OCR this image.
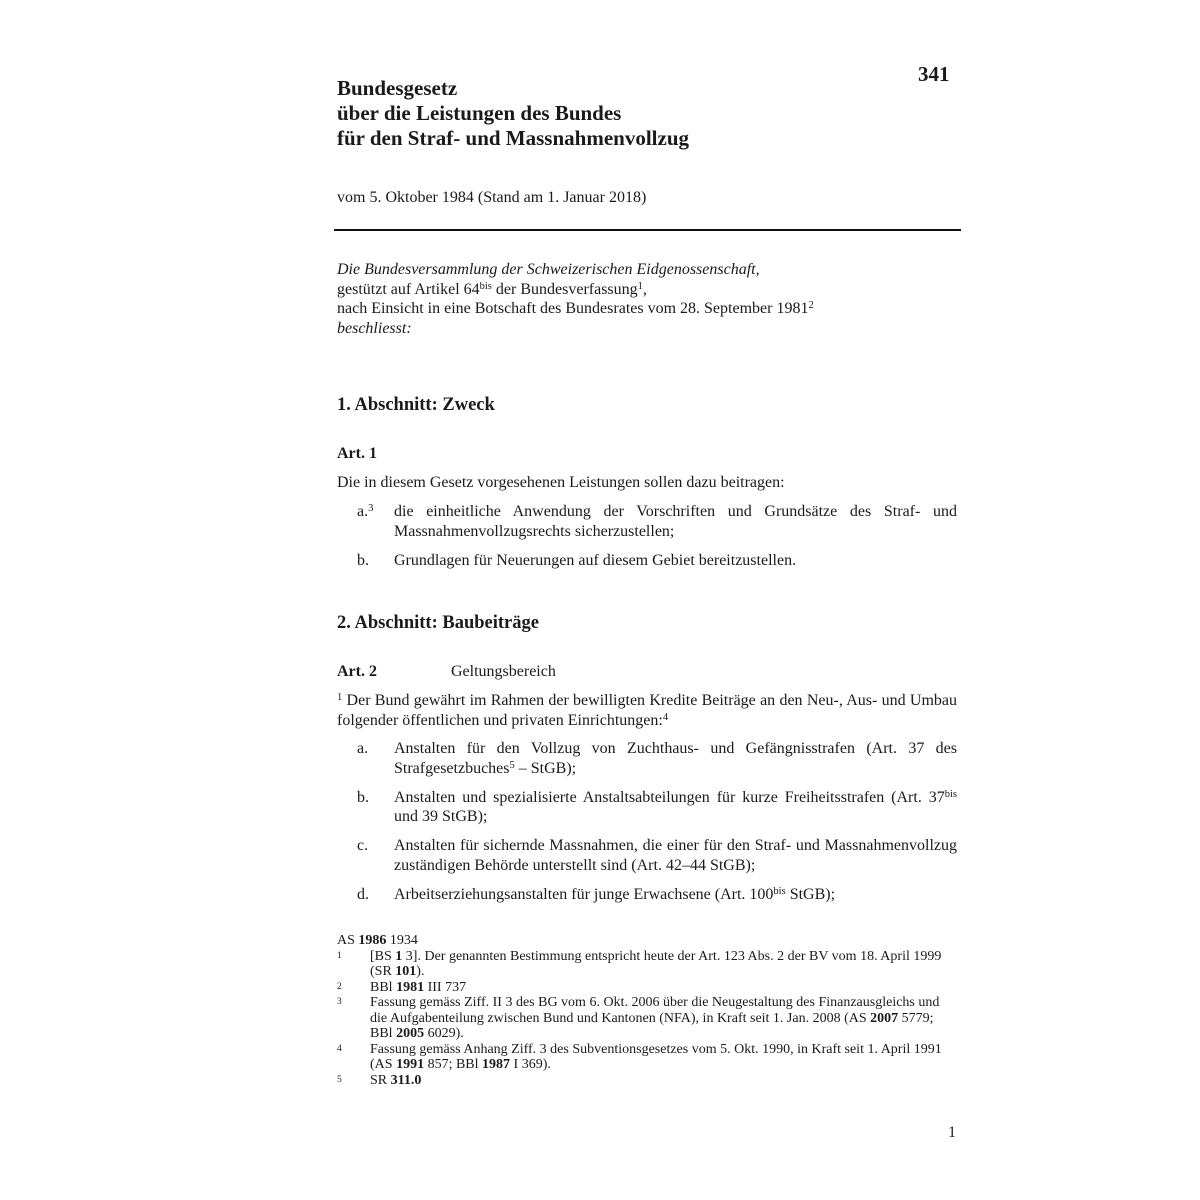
341
Bundesgesetz
über die Leistungen des Bundes
für den Straf- und Massnahmenvollzug
vom 5. Oktober 1984 (Stand am 1. Januar 2018)
Die Bundesversammlung der Schweizerischen Eidgenossenschaft,
gestützt auf Artikel $64^{bis}$ der Bundesverfassung$^1$,
nach Einsicht in eine Botschaft des Bundesrates vom 28. September 1981$^2$
beschliesst:
1. Abschnitt: Zweck
Art. 1
Die in diesem Gesetz vorgesehenen Leistungen sollen dazu beitragen:
a.$^3$	die einheitliche Anwendung der Vorschriften und Grundsätze des Straf- und Massnahmenvollzugsrechts sicherzustellen;
b.	Grundlagen für Neuerungen auf diesem Gebiet bereitzustellen.
2. Abschnitt: Baubeiträge
Art. 2	Geltungsbereich
$^1$ Der Bund gewährt im Rahmen der bewilligten Kredite Beiträge an den Neu-, Aus- und Umbau folgender öffentlichen und privaten Einrichtungen:$^4$
a.	Anstalten für den Vollzug von Zuchthaus- und Gefängnisstrafen (Art. 37 des Strafgesetzbuches$^5$ – StGB);
b.	Anstalten und spezialisierte Anstaltsabteilungen für kurze Freiheitsstrafen (Art. $37^{bis}$ und 39 StGB);
c.	Anstalten für sichernde Massnahmen, die einer für den Straf- und Massnahmenvollzug zuständigen Behörde unterstellt sind (Art. 42–44 StGB);
d.	Arbeitserziehungsanstalten für junge Erwachsene (Art. $100^{bis}$ StGB);
AS 1986 1934
1	[BS 1 3]. Der genannten Bestimmung entspricht heute der Art. 123 Abs. 2 der BV vom 18. April 1999 (SR 101).
2	BBl 1981 III 737
3	Fassung gemäss Ziff. II 3 des BG vom 6. Okt. 2006 über die Neugestaltung des Finanzausgleichs und die Aufgabenteilung zwischen Bund und Kantonen (NFA), in Kraft seit 1. Jan. 2008 (AS 2007 5779; BBl 2005 6029).
4	Fassung gemäss Anhang Ziff. 3 des Subventionsgesetzes vom 5. Okt. 1990, in Kraft seit 1. April 1991 (AS 1991 857; BBl 1987 I 369).
5	SR 311.0
1
